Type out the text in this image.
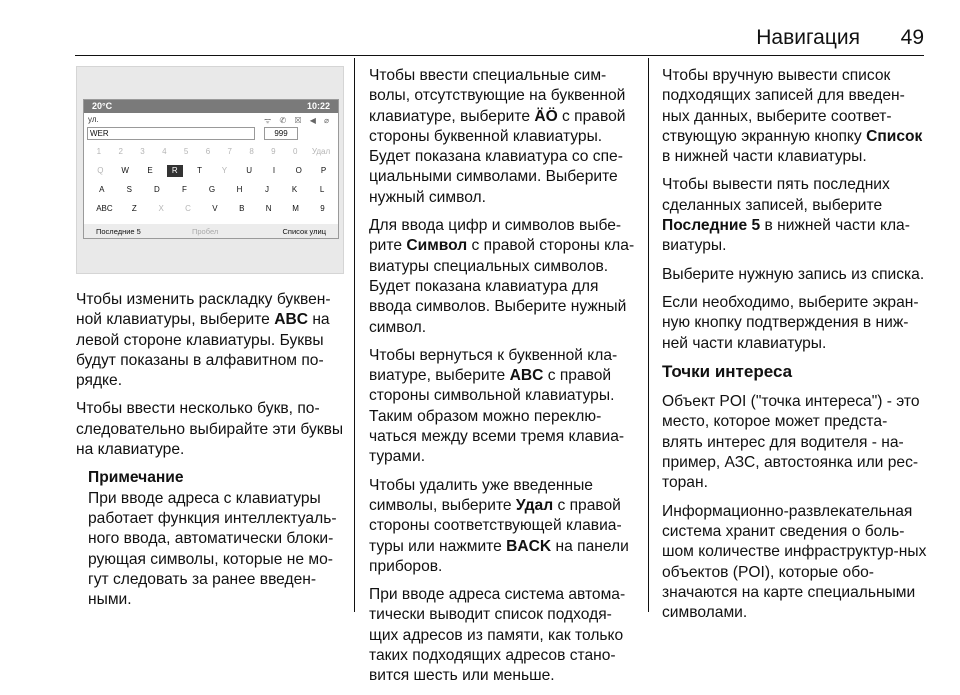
Навигация 49
20°C	10:22
ул.	ᯤ ✆ ☒ ◀ ⌀
WER	999
1	2	3	4	5	6	7	8	9	0	Удал
Q	W	E	R	T	Y	U	I	O	P
A	S	D	F	G	H	J	K	L
ABC	Z	X	C	V	B	N	M	9
Последние 5	Пробел	Список улиц

Чтобы изменить раскладку буквен-ной клавиатуры, выберите ABC на левой стороне клавиатуры. Буквы будут показаны в алфавитном по-рядке.

Чтобы ввести несколько букв, по-следовательно выбирайте эти буквы на клавиатуре.

Примечание
При вводе адреса с клавиатуры работает функция интеллектуаль-ного ввода, автоматически блоки-рующая символы, которые не мо-гут следовать за ранее введен-ными.

Чтобы ввести специальные сим-волы, отсутствующие на буквенной клавиатуре, выберите ÄÖ с правой стороны буквенной клавиатуры. Будет показана клавиатура со спе-циальными символами. Выберите нужный символ.

Для ввода цифр и символов выбе-рите Символ с правой стороны кла-виатуры специальных символов. Будет показана клавиатура для ввода символов. Выберите нужный символ.

Чтобы вернуться к буквенной кла-виатуре, выберите ABC с правой стороны символьной клавиатуры. Таким образом можно переклю-чаться между всеми тремя клавиа-турами.

Чтобы удалить уже введенные символы, выберите Удал с правой стороны соответствующей клавиа-туры или нажмите BACK на панели приборов.

При вводе адреса система автома-тически выводит список подходя-щих адресов из памяти, как только таких подходящих адресов стано-вится шесть или меньше.

Чтобы вручную вывести список подходящих записей для введен-ных данных, выберите соответ-ствующую экранную кнопку Список в нижней части клавиатуры.

Чтобы вывести пять последних сделанных записей, выберите Последние 5 в нижней части кла-виатуры.

Выберите нужную запись из списка.

Если необходимо, выберите экран-ную кнопку подтверждения в ниж-ней части клавиатуры.

Точки интереса

Объект POI ("точка интереса") - это место, которое может предста-влять интерес для водителя - на-пример, АЗС, автостоянка или рес-торан.

Информационно-развлекательная система хранит сведения о боль-шом количестве инфраструктур-ных объектов (POI), которые обо-значаются на карте специальными символами.
